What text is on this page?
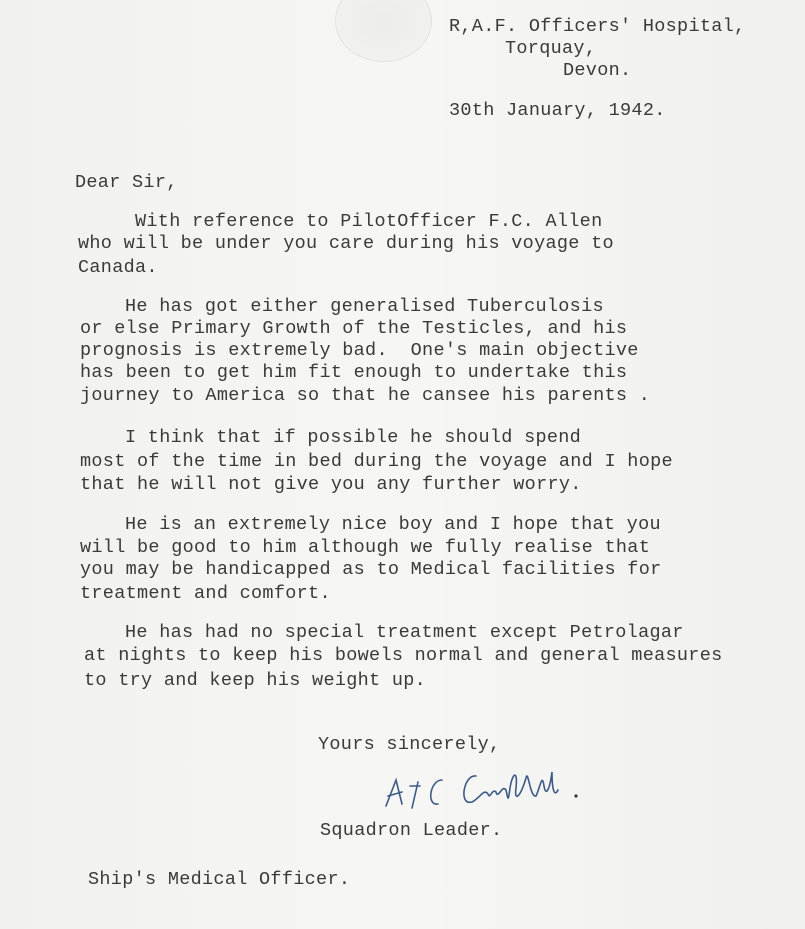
R,A.F. Officers' Hospital,
Torquay,
Devon.
30th January, 1942.
Dear Sir,
With reference to PilotOfficer F.C. Allen
who will be under you care during his voyage to
Canada.
He has got either generalised Tuberculosis
or else Primary Growth of the Testicles, and his
prognosis is extremely bad.  One's main objective
has been to get him fit enough to undertake this
journey to America so that he cansee his parents .
I think that if possible he should spend
most of the time in bed during the voyage and I hope
that he will not give you any further worry.
He is an extremely nice boy and I hope that you
will be good to him although we fully realise that
you may be handicapped as to Medical facilities for
treatment and comfort.
He has had no special treatment except Petrolagar
at nights to keep his bowels normal and general measures
to try and keep his weight up.
Yours sincerely,
Squadron Leader.
Ship's Medical Officer.
